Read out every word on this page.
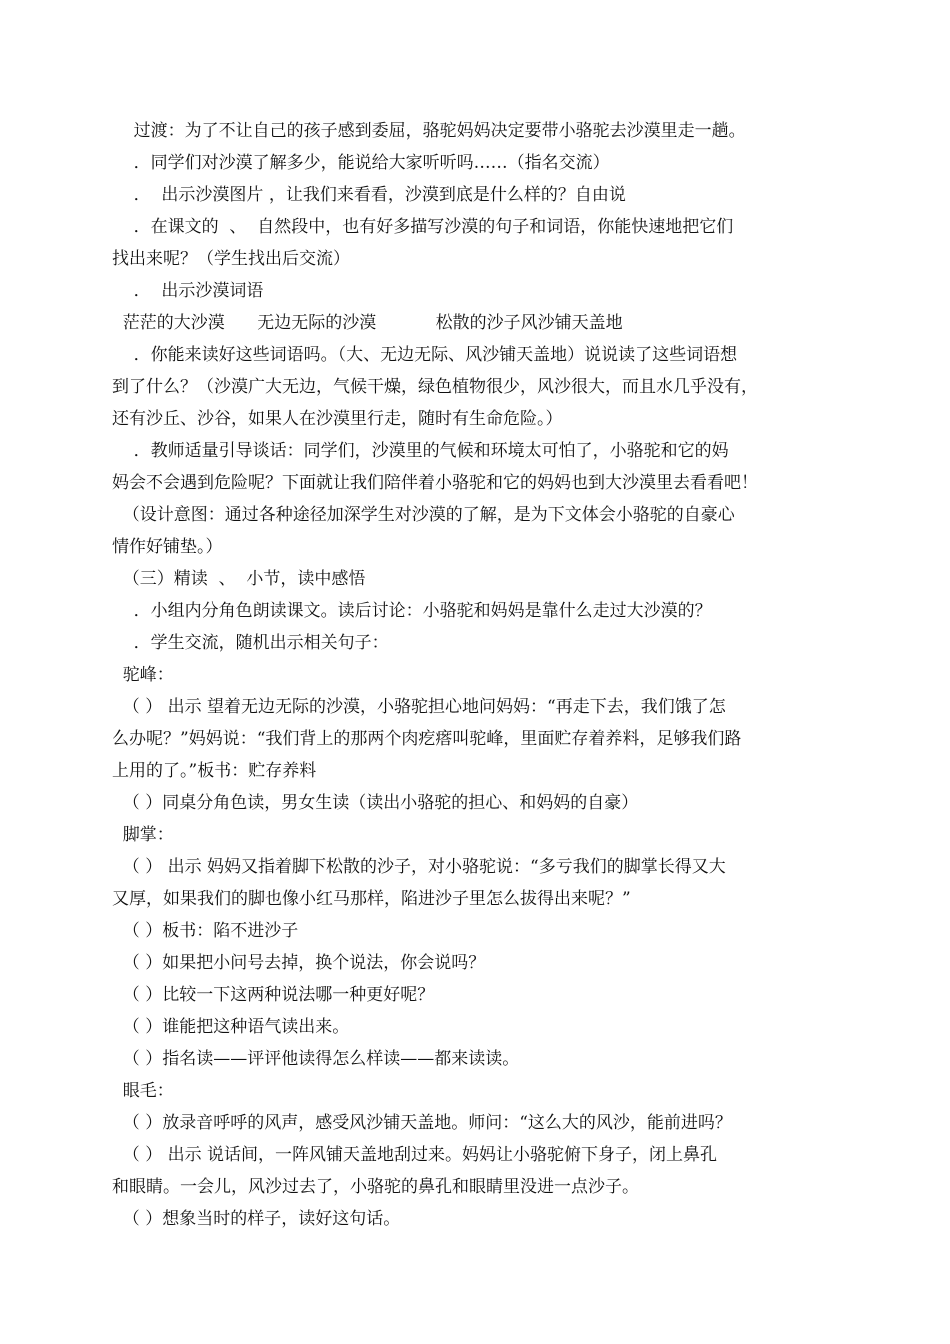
过渡：为了不让自己的孩子感到委屈，骆驼妈妈决定要带小骆驼去沙漠里走一趟。
．同学们对沙漠了解多少，能说给大家听听吗……（指名交流）
．  出示沙漠图片 ，让我们来看看，沙漠到底是什么样的？自由说
．在课文的  、  自然段中，也有好多描写沙漠的句子和词语，你能快速地把它们
找出来呢？（学生找出后交流）
．  出示沙漠词语
茫茫的大沙漠      无边无际的沙漠           松散的沙子风沙铺天盖地
．你能来读好这些词语吗。（大、无边无际、风沙铺天盖地）说说读了这些词语想
到了什么？（沙漠广大无边，气候干燥，绿色植物很少，风沙很大，而且水几乎没有，
还有沙丘、沙谷，如果人在沙漠里行走，随时有生命危险。）
．教师适量引导谈话：同学们，沙漠里的气候和环境太可怕了，小骆驼和它的妈
妈会不会遇到危险呢？下面就让我们陪伴着小骆驼和它的妈妈也到大沙漠里去看看吧！
（设计意图：通过各种途径加深学生对沙漠的了解，是为下文体会小骆驼的自豪心
情作好铺垫。）
（三）精读  、  小节，读中感悟
．小组内分角色朗读课文。读后讨论：小骆驼和妈妈是靠什么走过大沙漠的？
．学生交流，随机出示相关句子：
驼峰：
（ ） 出示 望着无边无际的沙漠，小骆驼担心地问妈妈：“再走下去，我们饿了怎
么办呢？”妈妈说：“我们背上的那两个肉疙瘩叫驼峰，里面贮存着养料，足够我们路
上用的了。”板书：贮存养料
（ ）同桌分角色读，男女生读（读出小骆驼的担心、和妈妈的自豪）
脚掌：
（ ） 出示 妈妈又指着脚下松散的沙子，对小骆驼说：“多亏我们的脚掌长得又大
又厚，如果我们的脚也像小红马那样，陷进沙子里怎么拔得出来呢？”
（ ）板书：陷不进沙子
（ ）如果把小问号去掉，换个说法，你会说吗？
（ ）比较一下这两种说法哪一种更好呢？
（ ）谁能把这种语气读出来。
（ ）指名读——评评他读得怎么样读——都来读读。
眼毛：
（ ）放录音呼呼的风声，感受风沙铺天盖地。师问：“这么大的风沙，能前进吗？
（ ） 出示 说话间，一阵风铺天盖地刮过来。妈妈让小骆驼俯下身子，闭上鼻孔
和眼睛。一会儿，风沙过去了，小骆驼的鼻孔和眼睛里没进一点沙子。
（ ）想象当时的样子，读好这句话。
